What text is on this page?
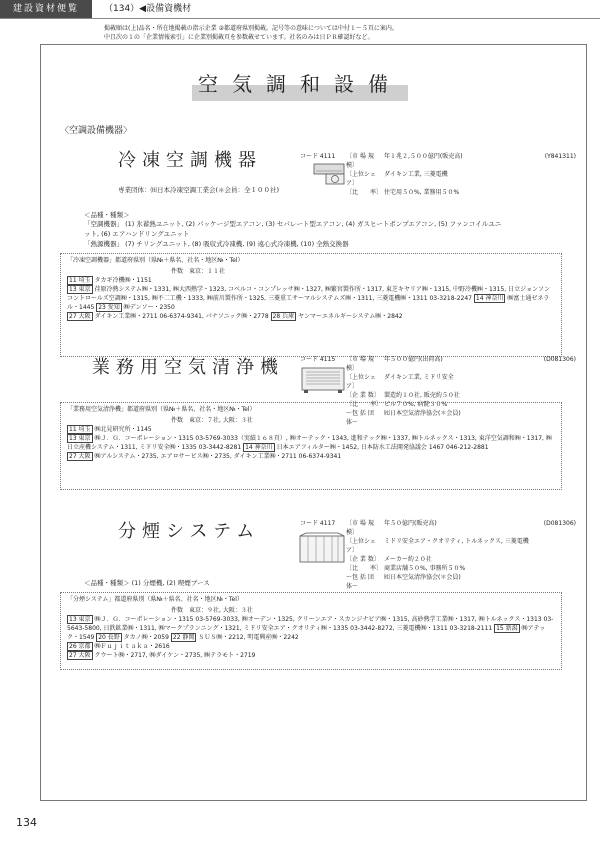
建設資材便覧	（134）◀設備資機材
掲載順は(上)品名・所在地掲載の指示企業 ②都道府県別掲載。記号等の意味については中付１～５頁に案内。
中且次の１の「企業情報索引」に企業別掲載頁を参数載せています。社名のみは日ＰＲ確認好など。
空気調和設備
〈空調設備機器〉
冷凍空調機器	コード 4111 〔市 場 規 模〕
年１兆２,５００億円(販売高)	(Y841311)
〔上位シェア〕
ダイキン工業, 三菱電機
〔比　　率〕 住宅用５０%, 業務用５０%
専業団体：㈳日本冷凍空調工業会(＊会員：全１００社)
＜品種・種類＞
「空調機器」 (1) 氷蓄熱ユニット, (2) パッケージ型エアコン, (3) セパレート型エアコン, (4) ガスヒートポンプエアコン, (5) ファンコイルユニット, (6) エアハンドリングユニット
「熱源機器」 (7) チリングユニット, (8) 吸収式冷凍機, (9) 遠心式冷凍機, (10) 全熱交換器
「冷凍空調機器」都道府県別（県№＋県名、社名・地区№・Tel）
件数　東京：１１社
11 埼玉 タカギ冷機㈱・1151
13 東京 荏原冷熱システム㈱・1331, ㈱大西熱学・1323, コベルコ・コンプレッサ㈱・1327, ㈱繁宮製作所・1317, 東芝キヤリア㈱・1315, 中野冷機㈱・1315, 日立ジョンソンコントロールズ空調㈱・1315, ㈱不二工機・1333, ㈱前川製作所・1325, 三菱重工サーマルシステムズ㈱・1311, 三菱電機㈱・1311 03-3218-2247 14 神奈川 ㈱富士通ゼネラル・1445 23 愛知 ㈱デンソー・2350
27 大阪 ダイキン工業㈱・2711 06-6374-9341, パナソニック㈱・2778 28 兵庫 ヤンマーエネルギーシステム㈱・2842
業務用空気清浄機	コード 4115 〔市 場 規 模〕
年５００億円(出荷高)	(D081306)
〔上位シェア〕
ダイキン工業, ミドリ安全
〔企 業 数〕 製造約１０社, 販売約５０社
〔比　　率〕 ビル７０%, 病院３０%
〜包 括 団 体〜
㈳日本空気清浄協会(＊会員)
「業務用空気清浄機」都道府県別（県№＋県名、社名・地区№・Tel）
件数　東京：７社, 大阪：３社
11 埼玉 ㈱北見研究所・1145
13 東京 ㈱Ｊ．Ｇ．コーポレーション・1315 03-5769-3033（実績１６８頁）, ㈱オーテック・1343, 進和テック㈱・1337, ㈱トルネックス・1313, 東洋空気調和㈱・1317, ㈱日立産機システム・1311, ミドリ安全㈱・1335 03-3442-8281 14 神奈川 日本エアフィルター㈱・1452, 日本防水工法開発協議会 1467 046-212-2881
27 大阪 ㈱アルシステム・2735, エアロサービス㈱・2735, ダイキン工業㈱・2711 06-6374-9341
分煙システム	コード 4117 〔市 場 規 模〕
年５０億円(販売高)	(D081306)
〔上位シェア〕
ミドリ安全エア・クオリティ, トルネックス, 三菱電機
〔企 業 数〕 メーカー約２０社
〔比　　率〕 商業店舗５０%, 事務所５０%
〜包 括 団 体〜
㈳日本空気清浄協会(＊会員)
＜品種・種類＞ (1) 分煙機, (2) 喫煙ブース
「分煙システム」都道府県別（県№＋県名、社名・地区№・Tel）
件数　東京：９社, 大阪：３社
13 東京 ㈱Ｊ．Ｇ．コーポレーション・1315 03-5769-3033, ㈱オーデン・1325, クリーンエア・スカンジナビア㈱・1315, 高砂熱学工業㈱・1317, ㈱トルネックス・1313 03-5643-5800, 日鉄鉱業㈱・1311, ㈱マークプランニング・1321, ミドリ安全エア・クオリティ㈱・1335 03-3442-8272, 三菱電機㈱・1311 03-3218-2111 15 新潟 ㈱アテック・1549 20 長野 タカノ㈱・2059 22 静岡 ＳＵＳ㈱・2212, 明電興産㈱・2242
26 京都 ㈱Ｆｕｊｉｔａｋａ・2616
27 大阪 クウート㈱・2717, ㈱ダイケン・2735, ㈱テラモト・2719
134
